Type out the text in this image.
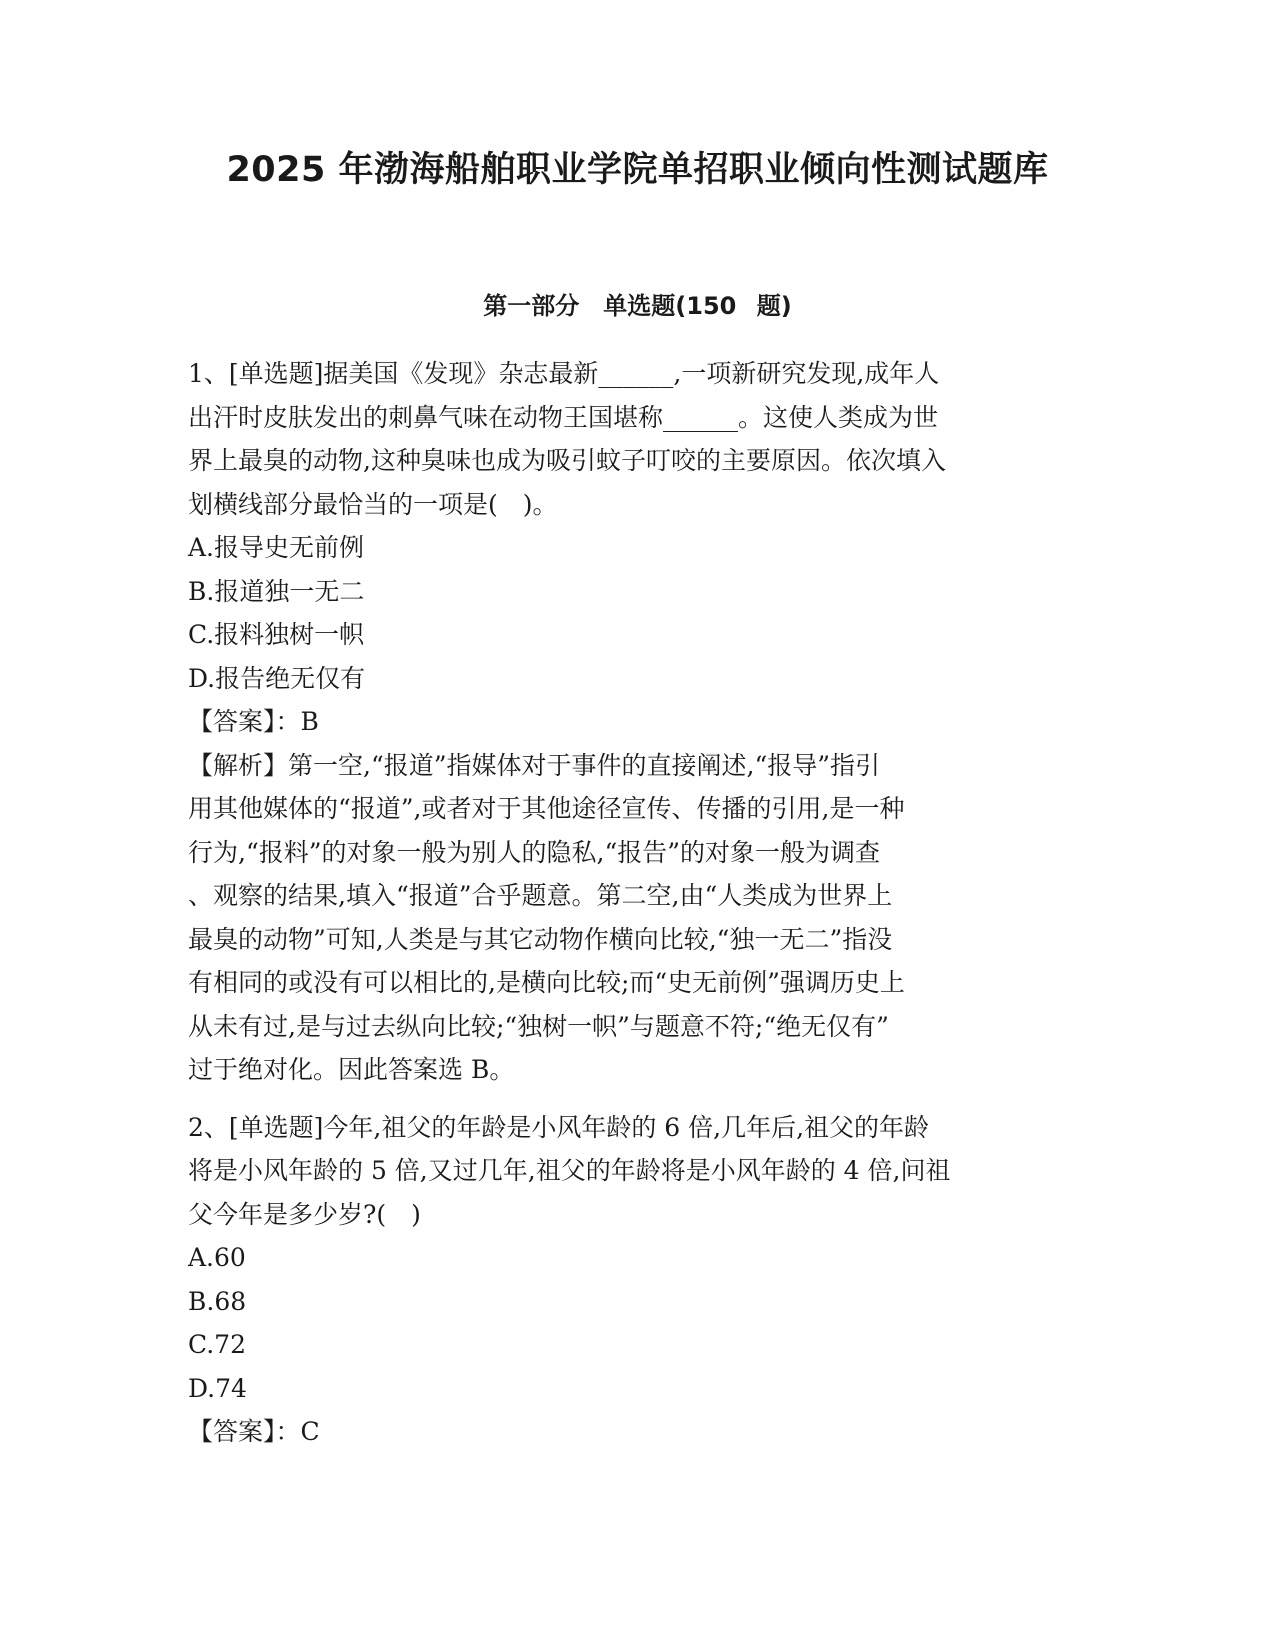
2025 年渤海船舶职业学院单招职业倾向性测试题库
第一部分　单选题(150 题)
1、[单选题]据美国《发现》杂志最新______,一项新研究发现,成年人
出汗时皮肤发出的刺鼻气味在动物王国堪称______。这使人类成为世
界上最臭的动物,这种臭味也成为吸引蚊子叮咬的主要原因。依次填入
划横线部分最恰当的一项是(　)。
A.报导史无前例
B.报道独一无二
C.报料独树一帜
D.报告绝无仅有
【答案】：B
【解析】第一空,“报道”指媒体对于事件的直接阐述,“报导”指引
用其他媒体的“报道”,或者对于其他途径宣传、传播的引用,是一种
行为,“报料”的对象一般为别人的隐私,“报告”的对象一般为调查
、观察的结果,填入“报道”合乎题意。第二空,由“人类成为世界上
最臭的动物”可知,人类是与其它动物作横向比较,“独一无二”指没
有相同的或没有可以相比的,是横向比较;而“史无前例”强调历史上
从未有过,是与过去纵向比较;“独树一帜”与题意不符;“绝无仅有”
过于绝对化。因此答案选 B。
2、[单选题]今年,祖父的年龄是小风年龄的 6 倍,几年后,祖父的年龄
将是小风年龄的 5 倍,又过几年,祖父的年龄将是小风年龄的 4 倍,问祖
父今年是多少岁?(　)
A.60
B.68
C.72
D.74
【答案】：C
